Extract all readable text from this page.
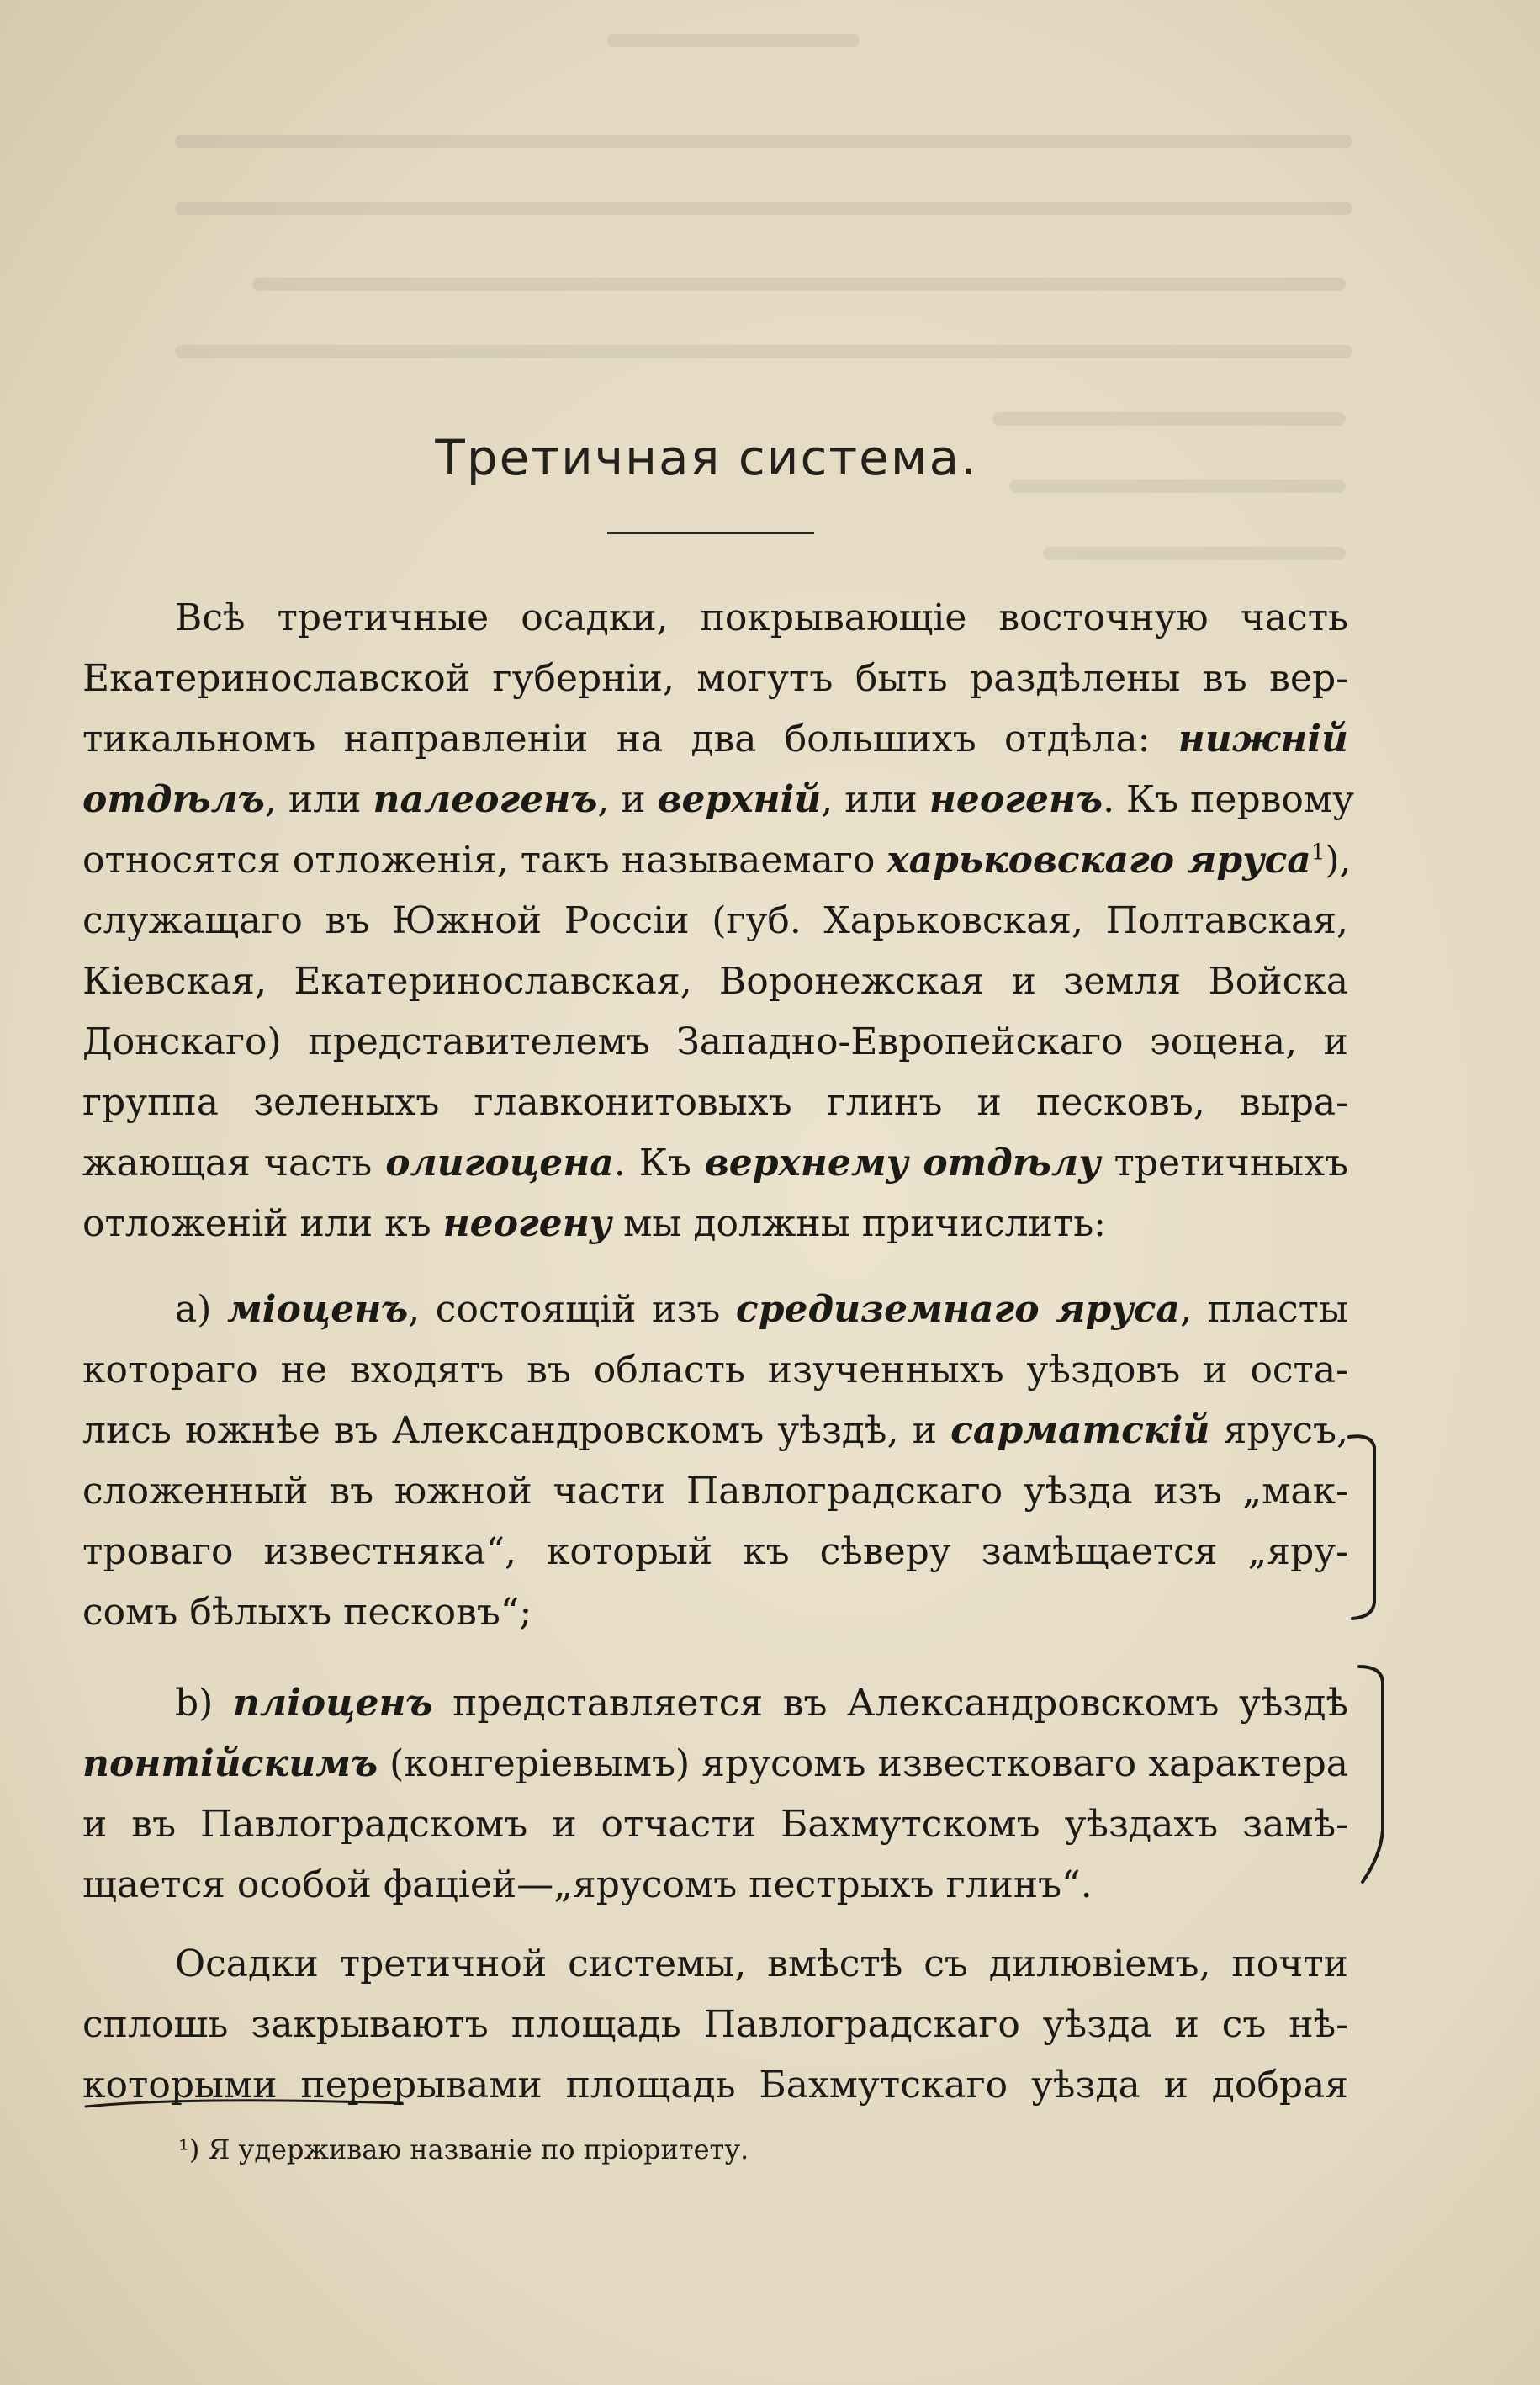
Третичная система.
Всѣ третичные осадки, покрывающіе восточную часть
Екатеринославской губерніи, могутъ быть раздѣлены въ вер-
тикальномъ направленіи на два большихъ отдѣла: нижній
отдѣлъ, или палеогенъ, и верхній, или неогенъ. Къ первому
относятся отложенія, такъ называемаго харьковскаго яруса$^1$),
служащаго въ Южной Россіи (губ. Харьковская, Полтавская,
Кіевская, Екатеринославская, Воронежская и земля Войска
Донскаго) представителемъ Западно-Европейскаго эоцена, и
группа зеленыхъ главконитовыхъ глинъ и песковъ, выра-
жающая часть олигоцена. Къ верхнему отдѣлу третичныхъ
отложеній или къ неогену мы должны причислить:
a) міоценъ, состоящій изъ средиземнаго яруса, пласты
котораго не входятъ въ область изученныхъ уѣздовъ и оста-
лись южнѣе въ Александровскомъ уѣздѣ, и сарматскій ярусъ,
сложенный въ южной части Павлоградскаго уѣзда изъ „мак-
троваго известняка“, который къ сѣверу замѣщается „яру-
сомъ бѣлыхъ песковъ“;
b) пліоценъ представляется въ Александровскомъ уѣздѣ
понтійскимъ (конгеріевымъ) ярусомъ известковаго характера
и въ Павлоградскомъ и отчасти Бахмутскомъ уѣздахъ замѣ-
щается особой фаціей—„ярусомъ пестрыхъ глинъ“.
Осадки третичной системы, вмѣстѣ съ дилювіемъ, почти
сплошь закрываютъ площадь Павлоградскаго уѣзда и съ нѣ-
которыми перерывами площадь Бахмутскаго уѣзда и добрая
¹) Я удерживаю названіе по пріоритету.
